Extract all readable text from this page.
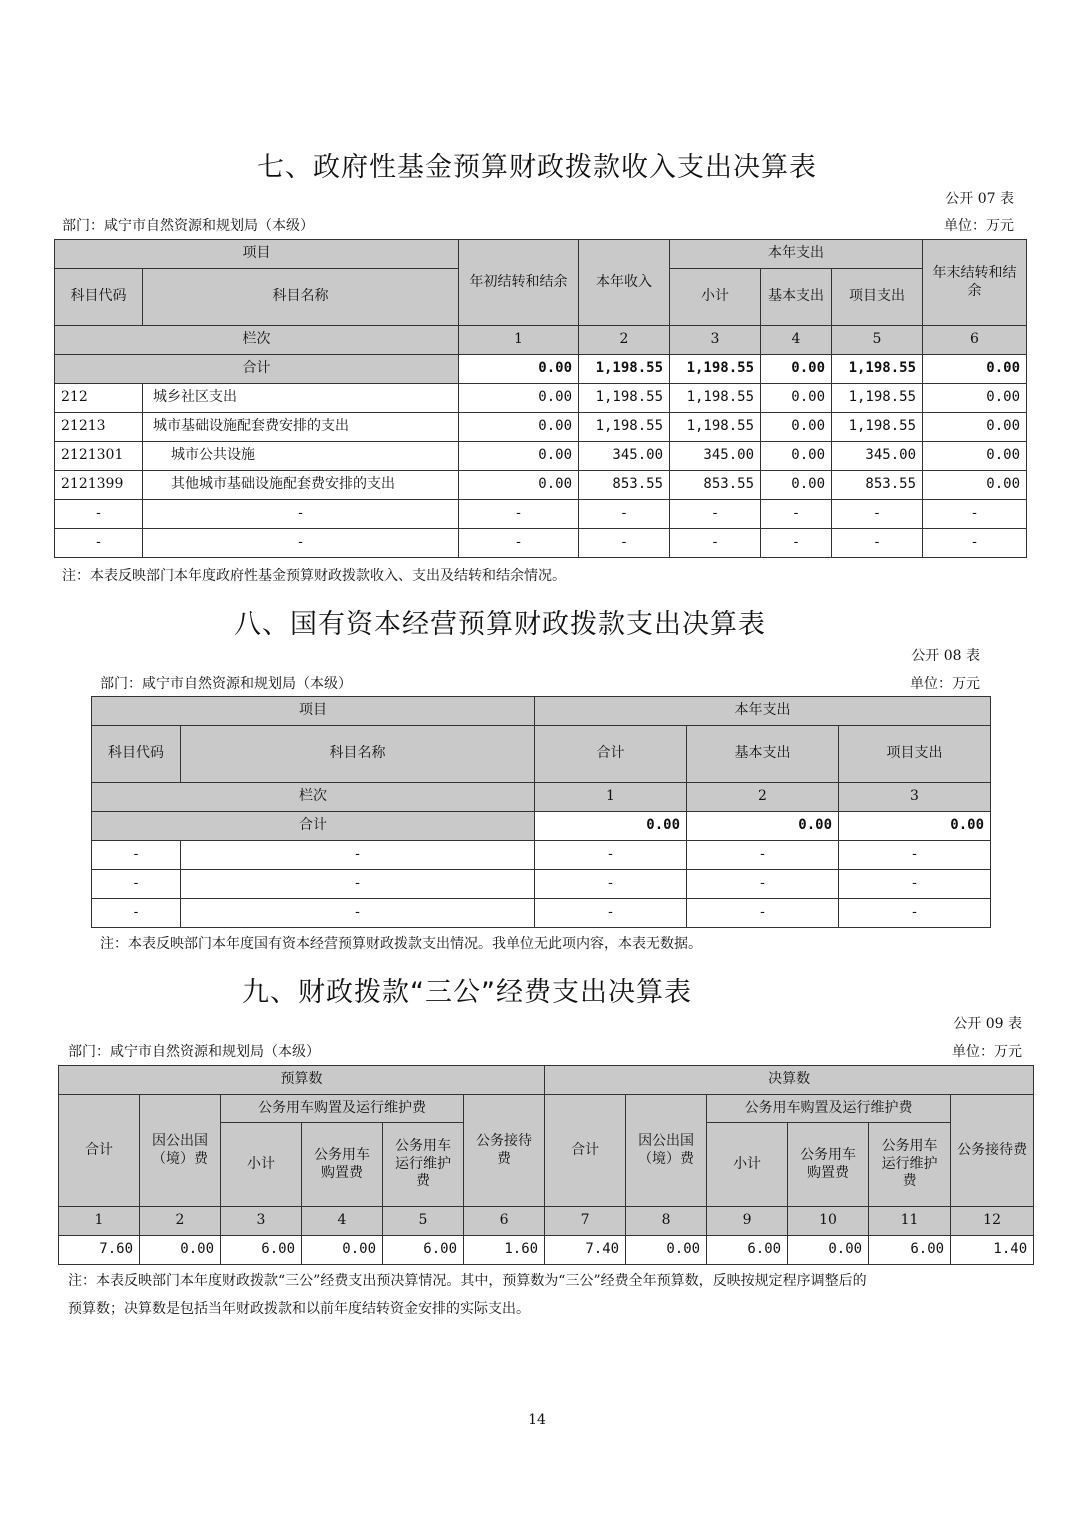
七、政府性基金预算财政拨款收入支出决算表
公开 07 表
部门：咸宁市自然资源和规划局（本级）	单位：万元
项目		年初结转和结余	本年收入	本年支出			年末结转和结余
科目代码	科目名称			小计	基本支出	项目支出	
栏次		1	2	3	4	5	6
合计		0.00	1,198.55	1,198.55	0.00	1,198.55	0.00
212	城乡社区支出	0.00	1,198.55	1,198.55	0.00	1,198.55	0.00
21213	城市基础设施配套费安排的支出	0.00	1,198.55	1,198.55	0.00	1,198.55	0.00
2121301	城市公共设施	0.00	345.00	345.00	0.00	345.00	0.00
2121399	其他城市基础设施配套费安排的支出	0.00	853.55	853.55	0.00	853.55	0.00
-	-	-	-	-	-	-	-
-	-	-	-	-	-	-	-
注：本表反映部门本年度政府性基金预算财政拨款收入、支出及结转和结余情况。
八、国有资本经营预算财政拨款支出决算表
公开 08 表
部门：咸宁市自然资源和规划局（本级）	单位：万元
项目		本年支出		
科目代码	科目名称	合计	基本支出	项目支出
栏次		1	2	3
合计		0.00	0.00	0.00
-	-	-	-	-
-	-	-	-	-
-	-	-	-	-
注：本表反映部门本年度国有资本经营预算财政拨款支出情况。我单位无此项内容，本表无数据。
九、财政拨款“三公”经费支出决算表
公开 09 表
部门：咸宁市自然资源和规划局（本级）	单位：万元
预算数						决算数					
合计	因公出国（境）费	公务用车购置及运行维护费			公务接待费	合计	因公出国（境）费	公务用车购置及运行维护费			公务接待费
		小计	公务用车购置费	公务用车运行维护费				小计	公务用车购置费	公务用车运行维护费	
1	2	3	4	5	6	7	8	9	10	11	12
7.60	0.00	6.00	0.00	6.00	1.60	7.40	0.00	6.00	0.00	6.00	1.40
注：本表反映部门本年度财政拨款“三公”经费支出预决算情况。其中，预算数为“三公”经费全年预算数，反映按规定程序调整后的
预算数；决算数是包括当年财政拨款和以前年度结转资金安排的实际支出。
14
